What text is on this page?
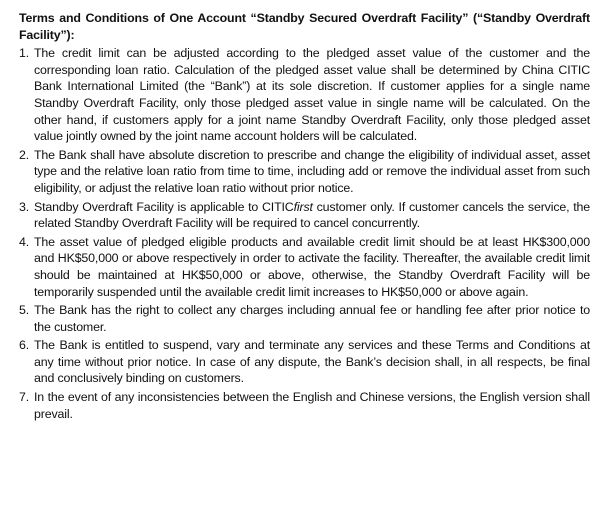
Terms and Conditions of One Account “Standby Secured Overdraft Facility” (“Standby Overdraft Facility”):
1. The credit limit can be adjusted according to the pledged asset value of the customer and the corresponding loan ratio. Calculation of the pledged asset value shall be determined by China CITIC Bank International Limited (the “Bank”) at its sole discretion. If customer applies for a single name Standby Overdraft Facility, only those pledged asset value in single name will be calculated. On the other hand, if customers apply for a joint name Standby Overdraft Facility, only those pledged asset value jointly owned by the joint name account holders will be calculated.
2. The Bank shall have absolute discretion to prescribe and change the eligibility of individual asset, asset type and the relative loan ratio from time to time, including add or remove the individual asset from such eligibility, or adjust the relative loan ratio without prior notice.
3. Standby Overdraft Facility is applicable to CITICfirst customer only. If customer cancels the service, the related Standby Overdraft Facility will be required to cancel concurrently.
4. The asset value of pledged eligible products and available credit limit should be at least HK$300,000 and HK$50,000 or above respectively in order to activate the facility. Thereafter, the available credit limit should be maintained at HK$50,000 or above, otherwise, the Standby Overdraft Facility will be temporarily suspended until the available credit limit increases to HK$50,000 or above again.
5. The Bank has the right to collect any charges including annual fee or handling fee after prior notice to the customer.
6. The Bank is entitled to suspend, vary and terminate any services and these Terms and Conditions at any time without prior notice. In case of any dispute, the Bank’s decision shall, in all respects, be final and conclusively binding on customers.
7. In the event of any inconsistencies between the English and Chinese versions, the English version shall prevail.
